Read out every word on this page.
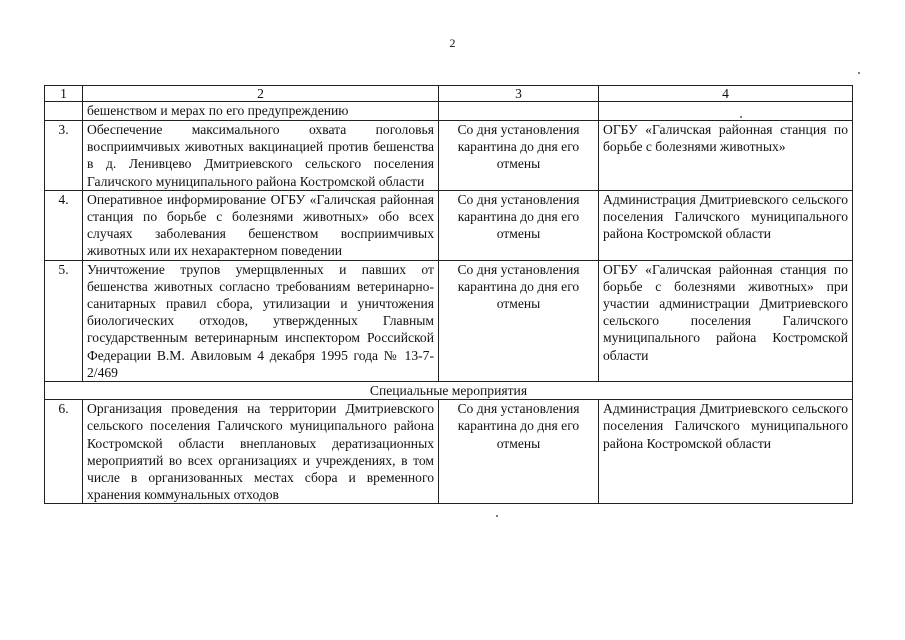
2
1	2	3	4
	бешенством и мерах по его предупреждению		
3.	Обеспечение максимального охвата поголовья восприимчивых животных вакцинацией против бешенства в д. Ленивцево Дмитриевского сельского поселения Галичского муниципального района Костромской области	Со дня установления карантина до дня его отмены	ОГБУ «Галичская районная станция по борьбе с болезнями животных»
4.	Оперативное информирование ОГБУ «Галичская районная станция по борьбе с болезнями животных» обо всех случаях заболевания бешенством восприимчивых животных или их нехарактерном поведении	Со дня установления карантина до дня его отмены	Администрация Дмитриевского сельского поселения Галичского муниципального района Костромской области
5.	Уничтожение трупов умерщвленных и павших от бешенства животных согласно требованиям ветеринарно-санитарных правил сбора, утилизации и уничтожения биологических отходов, утвержденных Главным государственным ветеринарным инспектором Российской Федерации В.М. Авиловым 4 декабря 1995 года № 13-7-2/469	Со дня установления карантина до дня его отмены	ОГБУ «Галичская районная станция по борьбе с болезнями животных» при участии администрации Дмитриевского сельского поселения Галичского муниципального района Костромской области
Специальные мероприятия			
6.	Организация проведения на территории Дмитриевского сельского поселения Галичского муниципального района Костромской области внеплановых дератизационных мероприятий во всех организациях и учреждениях, в том числе в организованных местах сбора и временного хранения коммунальных отходов	Со дня установления карантина до дня его отмены	Администрация Дмитриевского сельского поселения Галичского муниципального района Костромской области
